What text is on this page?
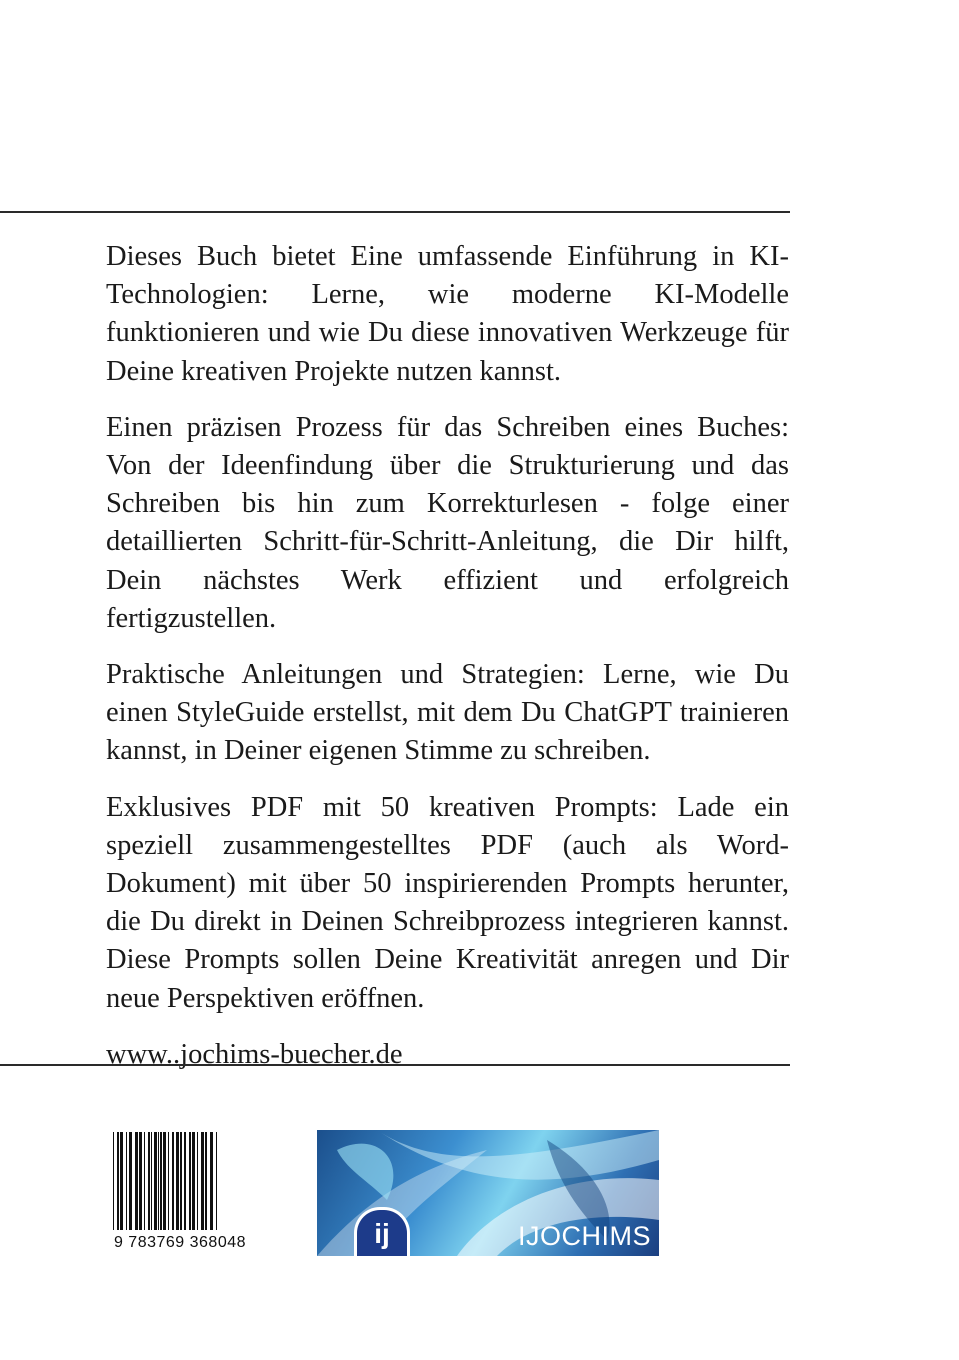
Dieses Buch bietet Eine umfassende Einführung in KI-Technologien: Lerne, wie moderne KI-Modelle funktionieren und wie Du diese innovativen Werkzeuge für Deine kreativen Projekte nutzen kannst.

Einen präzisen Prozess für das Schreiben eines Buches: Von der Ideenfindung über die Strukturierung und das Schreiben bis hin zum Korrekturlesen - folge einer detaillierten Schritt-für-Schritt-Anleitung, die Dir hilft, Dein nächstes Werk effizient und erfolgreich fertigzustellen.

Praktische Anleitungen und Strategien: Lerne, wie Du einen StyleGuide erstellst, mit dem Du ChatGPT trainieren kannst, in Deiner eigenen Stimme zu schreiben.

Exklusives PDF mit 50 kreativen Prompts: Lade ein speziell zusammengestelltes PDF (auch als Word-Dokument) mit über 50 inspirierenden Prompts herunter, die Du direkt in Deinen Schreibprozess integrieren kannst. Diese Prompts sollen Deine Kreativität anregen und Dir neue Perspektiven eröffnen.

www..jochims-buecher.de

9 783769 368048	ij	IJOCHIMS
